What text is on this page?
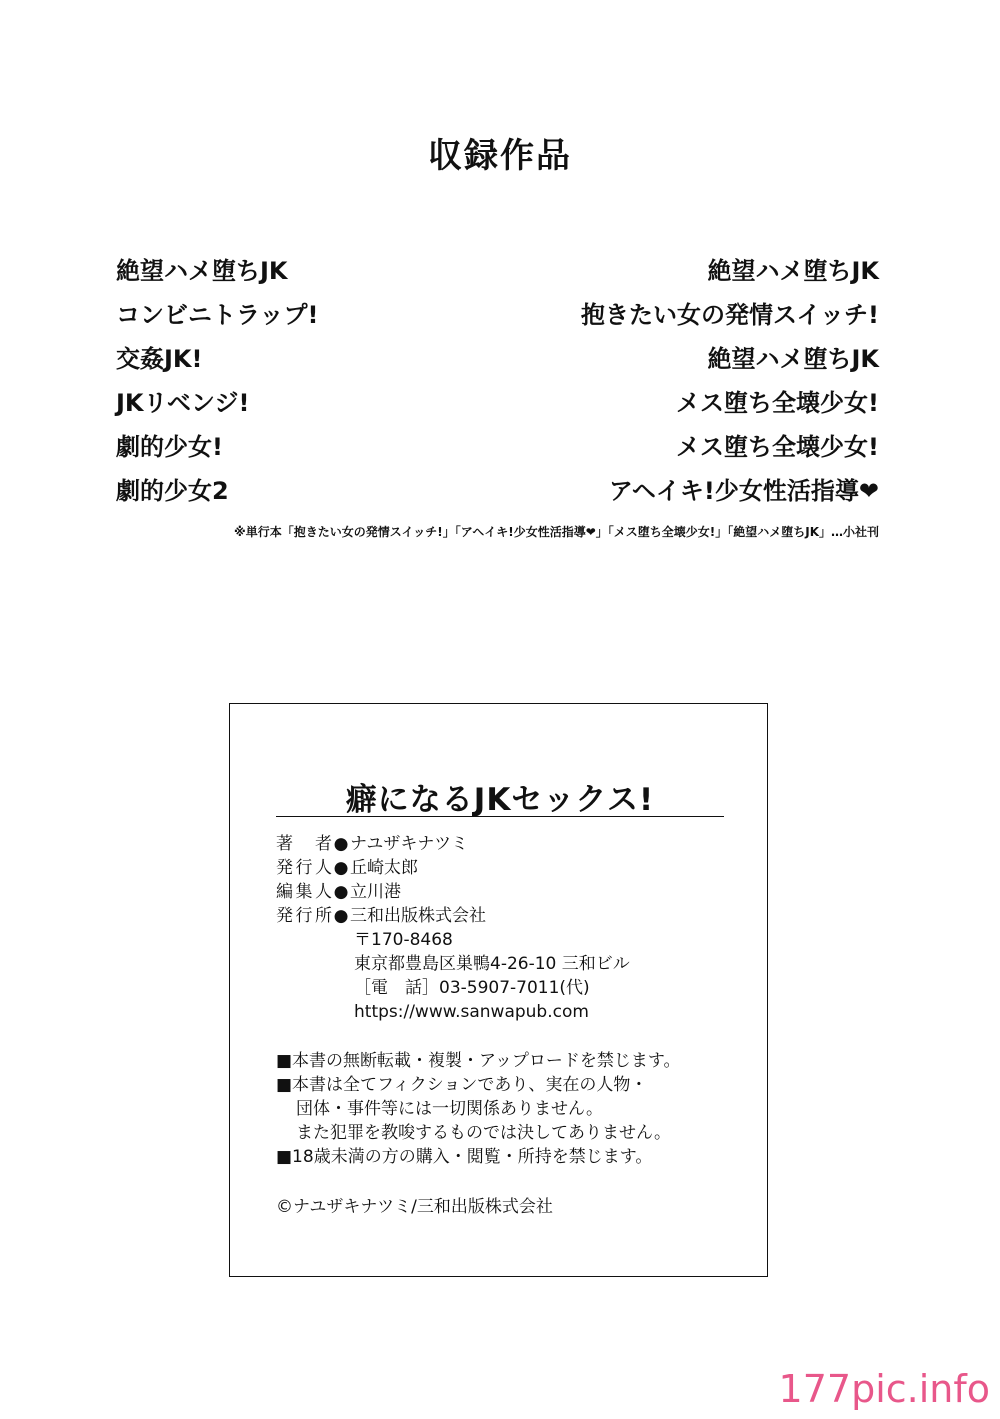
収録作品
絶望ハメ堕ちJK
コンビニトラップ!
交姦JK!
JKリベンジ!
劇的少女!
劇的少女2
絶望ハメ堕ちJK
抱きたい女の発情スイッチ!
絶望ハメ堕ちJK
メス堕ち全壊少女!
メス堕ち全壊少女!
アヘイキ!少女性活指導❤
※単行本「抱きたい女の発情スイッチ!」「アヘイキ!少女性活指導❤」「メス堕ち全壊少女!」「絶望ハメ堕ちJK」…小社刊
癖になるJKセックス!
著者●ナユザキナツミ
発行人●丘崎太郎
編集人●立川港
発行所●三和出版株式会社
〒170-8468
東京都豊島区巣鴨4-26-10 三和ビル
［電　話］03-5907-7011(代)
https://www.sanwapub.com
■本書の無断転載・複製・アップロードを禁じます。
■本書は全てフィクションであり、実在の人物・
団体・事件等には一切関係ありません。
また犯罪を教唆するものでは決してありません。
■18歳未満の方の購入・閲覧・所持を禁じます。
©ナユザキナツミ/三和出版株式会社
177pic.info
